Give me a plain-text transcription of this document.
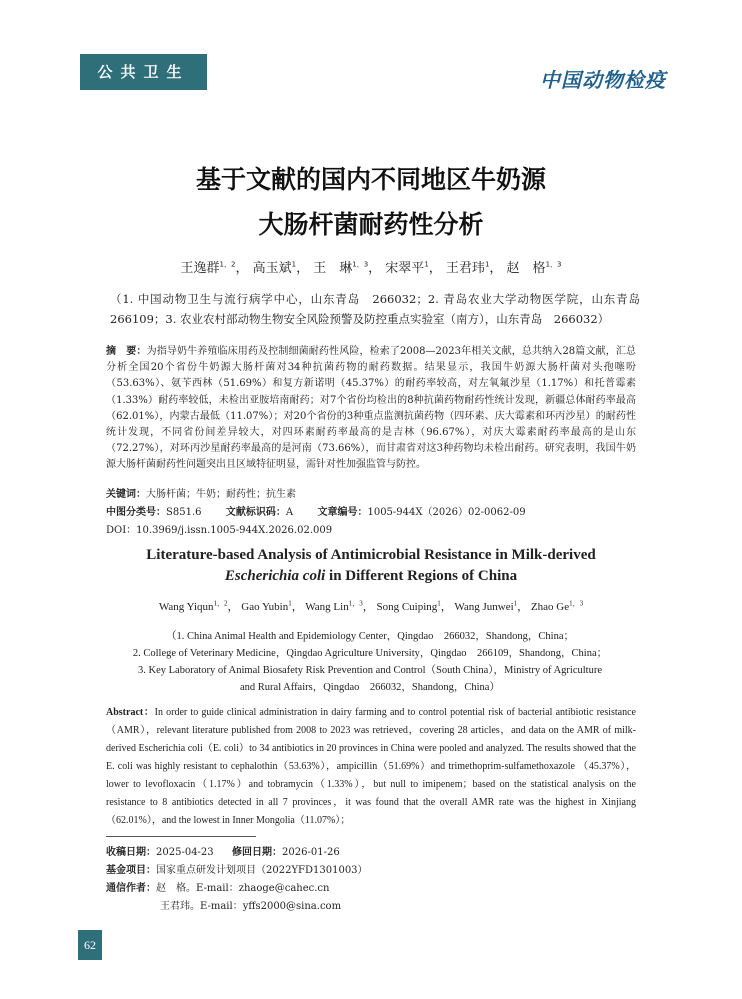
公共卫生	中国动物检疫
基于文献的国内不同地区牛奶源
大肠杆菌耐药性分析
王逸群$^{1,2}$， 高玉斌$^1$， 王　琳$^{1,3}$， 宋翠平$^1$， 王君玮$^1$， 赵　格$^{1,3}$
（1. 中国动物卫生与流行病学中心，山东青岛　266032；2. 青岛农业大学动物医学院，山东青岛　266109；3. 农业农村部动物生物安全风险预警及防控重点实验室（南方），山东青岛　266032）
摘　要：为指导奶牛养殖临床用药及控制细菌耐药性风险，检索了2008—2023年相关文献，总共纳入28篇文献，汇总分析全国20个省份牛奶源大肠杆菌对34种抗菌药物的耐药数据。结果显示，我国牛奶源大肠杆菌对头孢噻吩（53.63%）、氨苄西林（51.69%）和复方新诺明（45.37%）的耐药率较高，对左氧氟沙星（1.17%）和托普霉素（1.33%）耐药率较低，未检出亚胺培南耐药；对7个省份均检出的8种抗菌药物耐药性统计发现，新疆总体耐药率最高（62.01%），内蒙古最低（11.07%）；对20个省份的3种重点监测抗菌药物（四环素、庆大霉素和环丙沙星）的耐药性统计发现，不同省份间差异较大，对四环素耐药率最高的是吉林（96.67%），对庆大霉素耐药率最高的是山东（72.27%），对环丙沙星耐药率最高的是河南（73.66%），而甘肃省对这3种药物均未检出耐药。研究表明，我国牛奶源大肠杆菌耐药性问题突出且区域特征明显，需针对性加强监管与防控。
关键词：大肠杆菌；牛奶；耐药性；抗生素
中图分类号：S851.6 文献标识码：A 文章编号：1005-944X（2026）02-0062-09
DOI：10.3969/j.issn.1005-944X.2026.02.009
Literature-based Analysis of Antimicrobial Resistance in Milk-derived
Escherichia coli in Different Regions of China
Wang Yiqun$^{1,2}$， Gao Yubin$^1$， Wang Lin$^{1,3}$， Song Cuiping$^1$， Wang Junwei$^1$， Zhao $Ge^{1,3}$
（1. China Animal Health and Epidemiology Center，Qingdao　266032，Shandong，China；
2. College of Veterinary Medicine，Qingdao Agriculture University，Qingdao　266109，Shandong，China；
3. Key Laboratory of Animal Biosafety Risk Prevention and Control（South China），Ministry of Agriculture
and Rural Affairs，Qingdao　266032，Shandong，China）
Abstract：In order to guide clinical administration in dairy farming and to control potential risk of bacterial antibiotic resistance（AMR），relevant literature published from 2008 to 2023 was retrieved，covering 28 articles，and data on the AMR of milk-derived Escherichia coli（E. coli）to 34 antibiotics in 20 provinces in China were pooled and analyzed. The results showed that the E. coli was highly resistant to cephalothin（53.63%），ampicillin（51.69%）and trimethoprim-sulfamethoxazole （45.37%），lower to levofloxacin（1.17%）and tobramycin（1.33%），but null to imipenem；based on the statistical analysis on the resistance to 8 antibiotics detected in all 7 provinces，it was found that the overall AMR rate was the highest in Xinjiang（62.01%），and the lowest in Inner Mongolia（11.07%）；
收稿日期：2025-04-23 修回日期：2026-01-26
基金项目：国家重点研发计划项目（2022YFD1301003）
通信作者：赵　格。E-mail：zhaoge@cahec.cn
王君玮。E-mail：yffs2000@sina.com
62
